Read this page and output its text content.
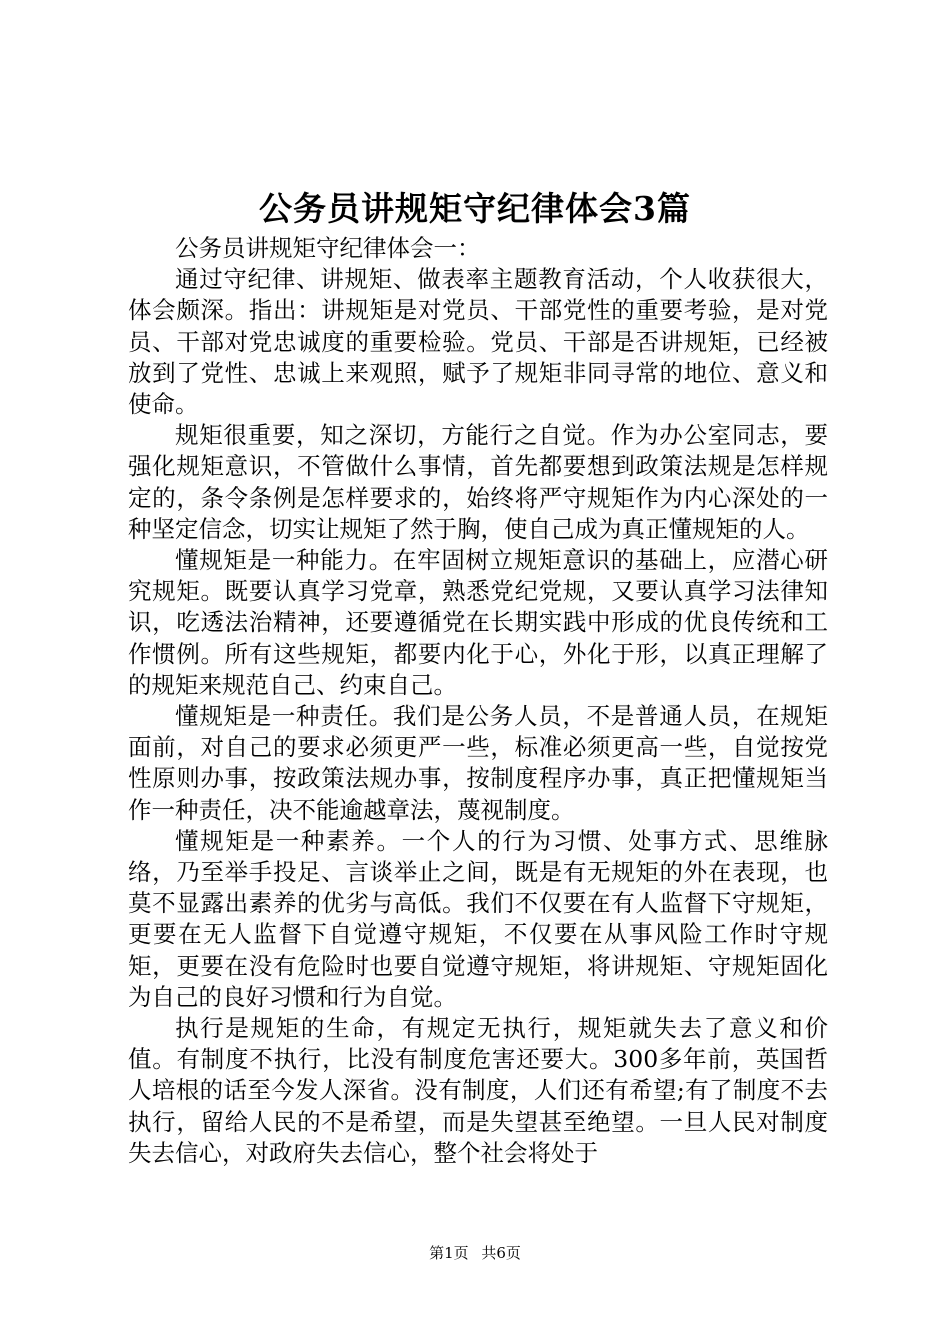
公务员讲规矩守纪律体会3篇

公务员讲规矩守纪律体会一：

通过守纪律、讲规矩、做表率主题教育活动，个人收获很大，体会颇深。指出：讲规矩是对党员、干部党性的重要考验，是对党员、干部对党忠诚度的重要检验。党员、干部是否讲规矩，已经被放到了党性、忠诚上来观照，赋予了规矩非同寻常的地位、意义和使命。

规矩很重要，知之深切，方能行之自觉。作为办公室同志，要强化规矩意识，不管做什么事情，首先都要想到政策法规是怎样规定的，条令条例是怎样要求的，始终将严守规矩作为内心深处的一种坚定信念，切实让规矩了然于胸，使自己成为真正懂规矩的人。

懂规矩是一种能力。在牢固树立规矩意识的基础上，应潜心研究规矩。既要认真学习党章，熟悉党纪党规，又要认真学习法律知识，吃透法治精神，还要遵循党在长期实践中形成的优良传统和工作惯例。所有这些规矩，都要内化于心，外化于形，以真正理解了的规矩来规范自己、约束自己。

懂规矩是一种责任。我们是公务人员，不是普通人员，在规矩面前，对自己的要求必须更严一些，标准必须更高一些，自觉按党性原则办事，按政策法规办事，按制度程序办事，真正把懂规矩当作一种责任，决不能逾越章法，蔑视制度。

懂规矩是一种素养。一个人的行为习惯、处事方式、思维脉络，乃至举手投足、言谈举止之间，既是有无规矩的外在表现，也莫不显露出素养的优劣与高低。我们不仅要在有人监督下守规矩，更要在无人监督下自觉遵守规矩，不仅要在从事风险工作时守规矩，更要在没有危险时也要自觉遵守规矩，将讲规矩、守规矩固化为自己的良好习惯和行为自觉。

执行是规矩的生命，有规定无执行，规矩就失去了意义和价值。有制度不执行，比没有制度危害还要大。300多年前，英国哲人培根的话至今发人深省。没有制度，人们还有希望;有了制度不去执行，留给人民的不是希望，而是失望甚至绝望。一旦人民对制度失去信心，对政府失去信心，整个社会将处于

第1页 共6页
